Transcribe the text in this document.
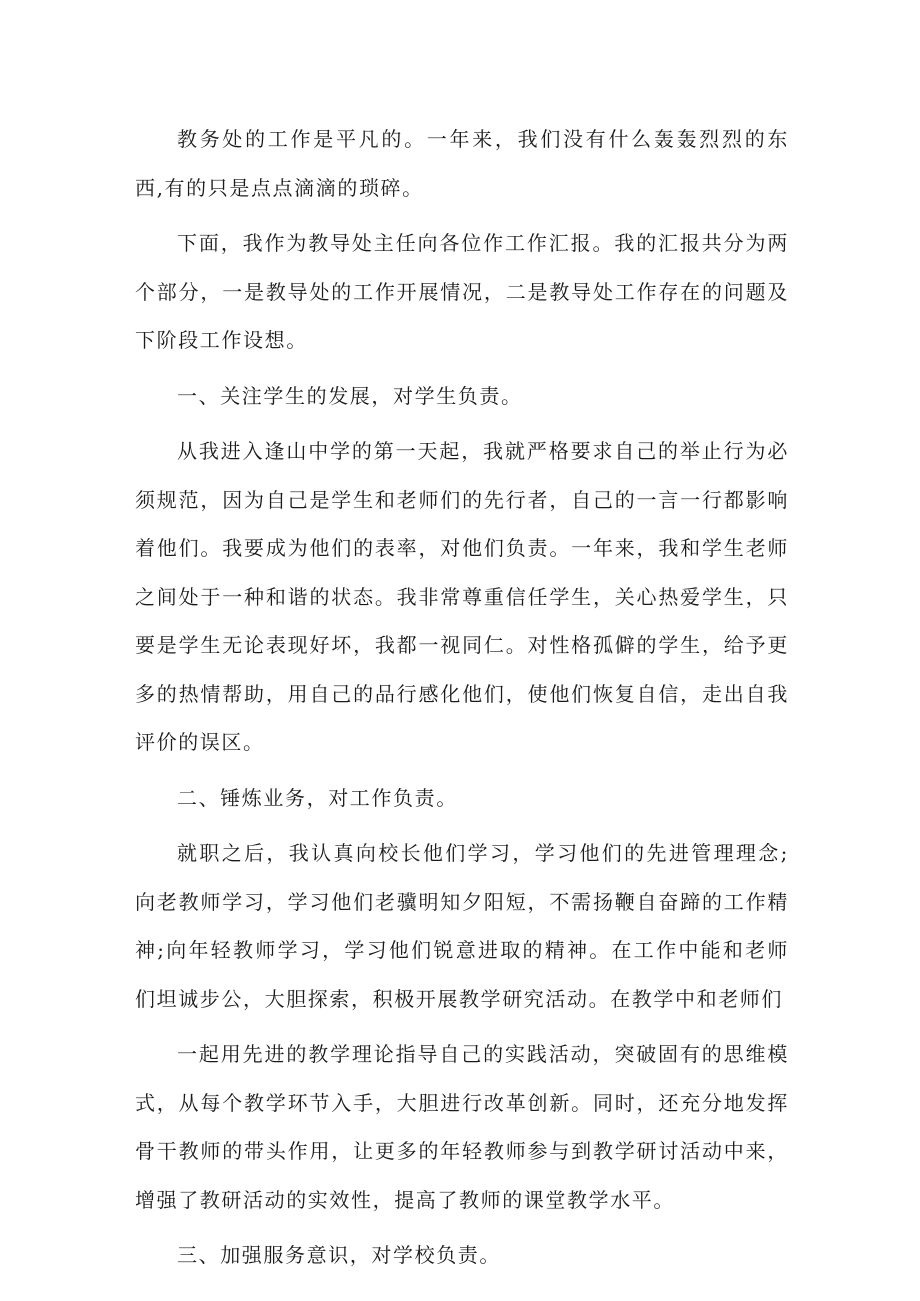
教务处的工作是平凡的。一年来，我们没有什么轰轰烈烈的东西,有的只是点点滴滴的琐碎。

下面，我作为教导处主任向各位作工作汇报。我的汇报共分为两个部分，一是教导处的工作开展情况，二是教导处工作存在的问题及下阶段工作设想。

一、关注学生的发展，对学生负责。

从我进入逢山中学的第一天起，我就严格要求自己的举止行为必须规范，因为自己是学生和老师们的先行者，自己的一言一行都影响着他们。我要成为他们的表率，对他们负责。一年来，我和学生老师之间处于一种和谐的状态。我非常尊重信任学生，关心热爱学生，只要是学生无论表现好坏，我都一视同仁。对性格孤僻的学生，给予更多的热情帮助，用自己的品行感化他们，使他们恢复自信，走出自我评价的误区。

二、锤炼业务，对工作负责。

就职之后，我认真向校长他们学习，学习他们的先进管理理念;向老教师学习，学习他们老骥明知夕阳短，不需扬鞭自奋蹄的工作精神;向年轻教师学习，学习他们锐意进取的精神。在工作中能和老师们坦诚步公，大胆探索，积极开展教学研究活动。在教学中和老师们

一起用先进的教学理论指导自己的实践活动，突破固有的思维模式，从每个教学环节入手，大胆进行改革创新。同时，还充分地发挥骨干教师的带头作用，让更多的年轻教师参与到教学研讨活动中来，增强了教研活动的实效性，提高了教师的课堂教学水平。

三、加强服务意识，对学校负责。
